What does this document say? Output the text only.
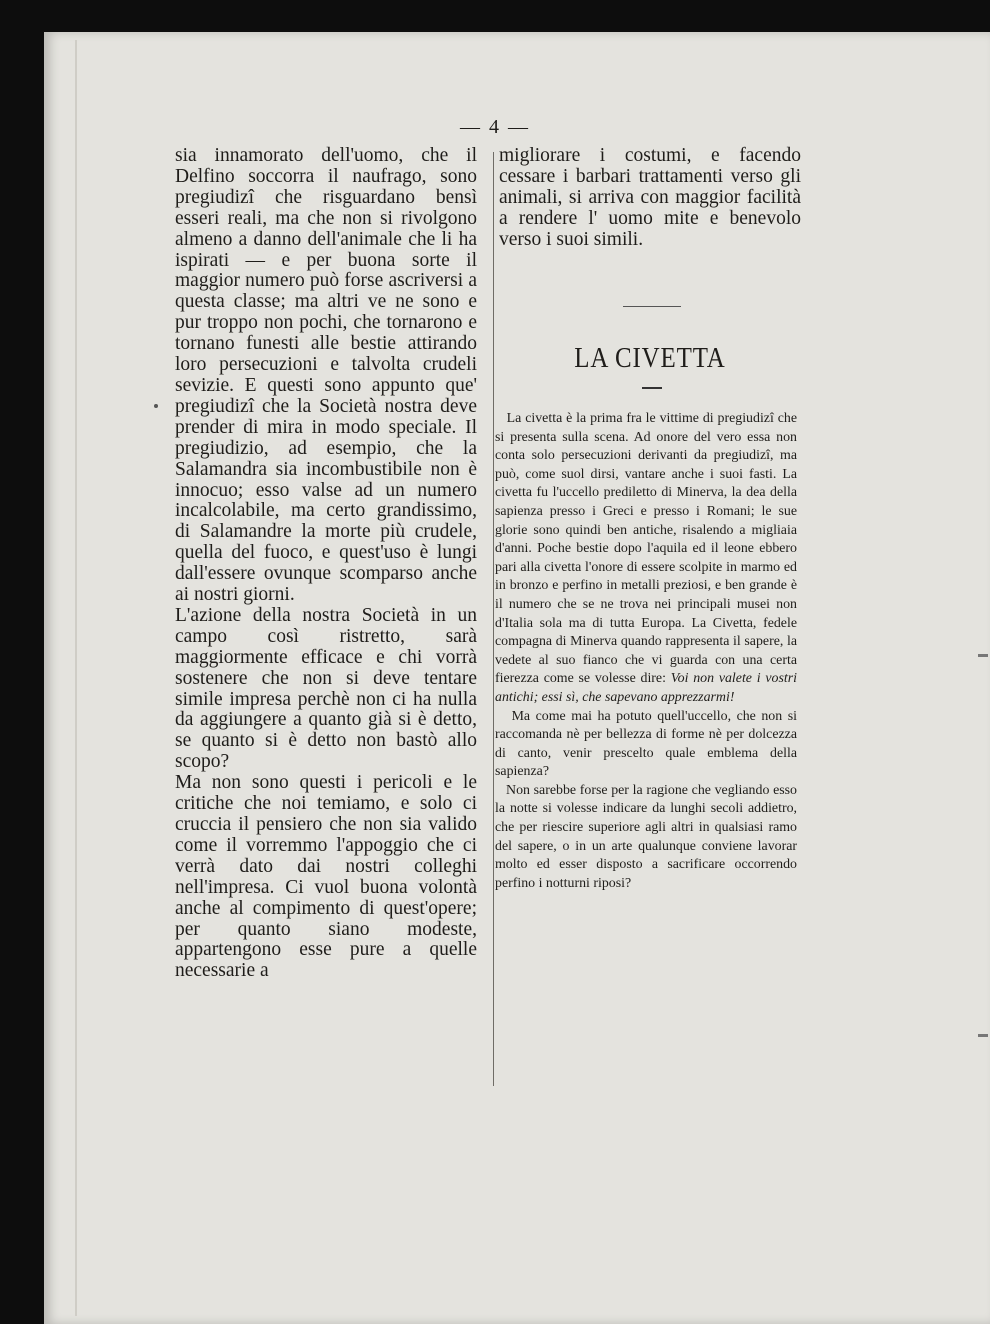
— 4 —

sia innamorato dell'uomo, che il Delfino soccorra il naufrago, sono pregiudizî che risguardano bensì esseri reali, ma che non si rivolgono almeno a danno dell'animale che li ha ispirati — e per buona sorte il maggior numero può forse ascriversi a questa classe; ma altri ve ne sono e pur troppo non pochi, che tornarono e tornano funesti alle bestie attirando loro persecuzioni e talvolta crudeli sevizie. E questi sono appunto que' pregiudizî che la Società nostra deve prender di mira in modo speciale. Il pregiudizio, ad esempio, che la Salamandra sia incombustibile non è innocuo; esso valse ad un numero incalcolabile, ma certo grandissimo, di Salamandre la morte più crudele, quella del fuoco, e quest'uso è lungi dall'essere ovunque scomparso anche ai nostri giorni.
L'azione della nostra Società in un campo così ristretto, sarà maggiormente efficace e chi vorrà sostenere che non si deve tentare simile impresa perchè non ci ha nulla da aggiungere a quanto già si è detto, se quanto si è detto non bastò allo scopo?
Ma non sono questi i pericoli e le critiche che noi temiamo, e solo ci cruccia il pensiero che non sia valido come il vorremmo l'appoggio che ci verrà dato dai nostri colleghi nell'impresa. Ci vuol buona volontà anche al compimento di quest'opere; per quanto siano modeste, appartengono esse pure a quelle necessarie a

migliorare i costumi, e facendo cessare i barbari trattamenti verso gli animali, si arriva con maggior facilità a rendere l' uomo mite e benevolo verso i suoi simili.

LA CIVETTA

La civetta è la prima fra le vittime di pregiudizî che si presenta sulla scena. Ad onore del vero essa non conta solo persecuzioni derivanti da pregiudizî, ma può, come suol dirsi, vantare anche i suoi fasti. La civetta fu l'uccello prediletto di Minerva, la dea della sapienza presso i Greci e presso i Romani; le sue glorie sono quindi ben antiche, risalendo a migliaia d'anni. Poche bestie dopo l'aquila ed il leone ebbero pari alla civetta l'onore di essere scolpite in marmo ed in bronzo e perfino in metalli preziosi, e ben grande è il numero che se ne trova nei principali musei non d'Italia sola ma di tutta Europa. La Civetta, fedele compagna di Minerva quando rappresenta il sapere, la vedete al suo fianco che vi guarda con una certa fierezza come se volesse dire: Voi non valete i vostri antichi; essi sì, che sapevano apprezzarmi!

Ma come mai ha potuto quell'uccello, che non si raccomanda nè per bellezza di forme nè per dolcezza di canto, venir prescelto quale emblema della sapienza?

Non sarebbe forse per la ragione che vegliando esso la notte si volesse indicare da lunghi secoli addietro, che per riescire superiore agli altri in qualsiasi ramo del sapere, o in un arte qualunque conviene lavorar molto ed esser disposto a sacrificare occorrendo perfino i notturni riposi?
